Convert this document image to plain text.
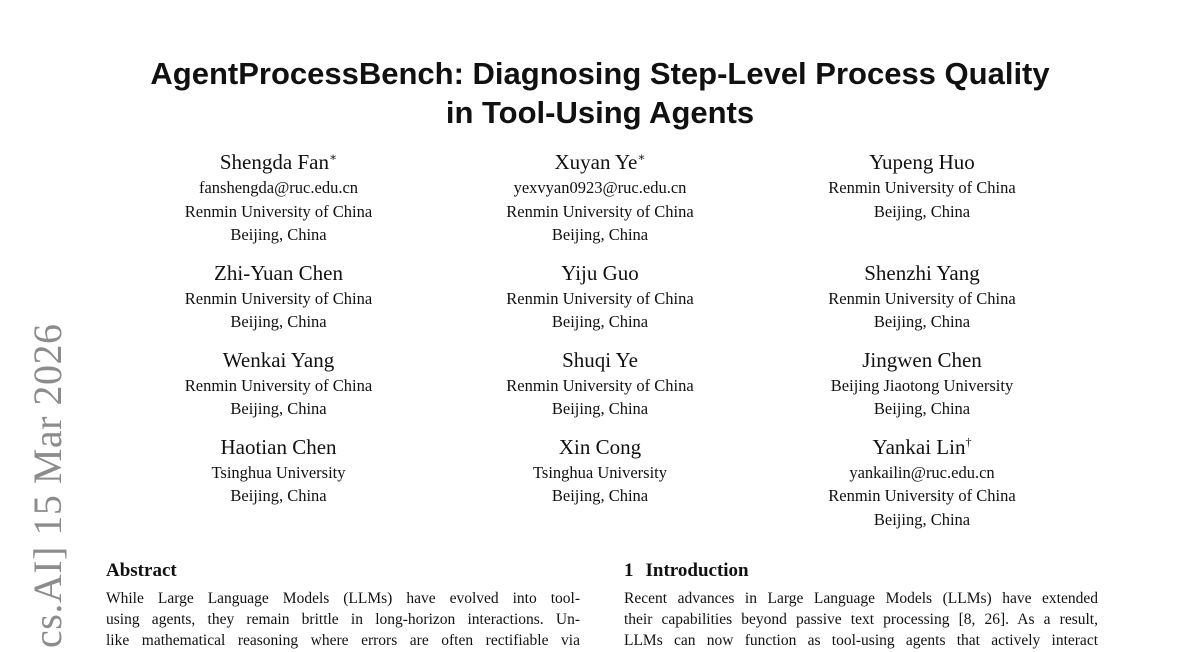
cs.AI] 15 Mar 2026
AgentProcessBench: Diagnosing Step-Level Process Quality
in Tool-Using Agents
Shengda Fan∗
fanshengda@ruc.edu.cn
Renmin University of China
Beijing, China
Xuyan Ye∗
yexvyan0923@ruc.edu.cn
Renmin University of China
Beijing, China
Yupeng Huo
Renmin University of China
Beijing, China
Zhi-Yuan Chen
Renmin University of China
Beijing, China
Yiju Guo
Renmin University of China
Beijing, China
Shenzhi Yang
Renmin University of China
Beijing, China
Wenkai Yang
Renmin University of China
Beijing, China
Shuqi Ye
Renmin University of China
Beijing, China
Jingwen Chen
Beijing Jiaotong University
Beijing, China
Haotian Chen
Tsinghua University
Beijing, China
Xin Cong
Tsinghua University
Beijing, China
Yankai Lin†
yankailin@ruc.edu.cn
Renmin University of China
Beijing, China
Abstract
While Large Language Models (LLMs) have evolved into tool-
using agents, they remain brittle in long-horizon interactions. Un-
like mathematical reasoning where errors are often rectifiable via
1 Introduction
Recent advances in Large Language Models (LLMs) have extended
their capabilities beyond passive text processing [8, 26]. As a result,
LLMs can now function as tool-using agents that actively interact
